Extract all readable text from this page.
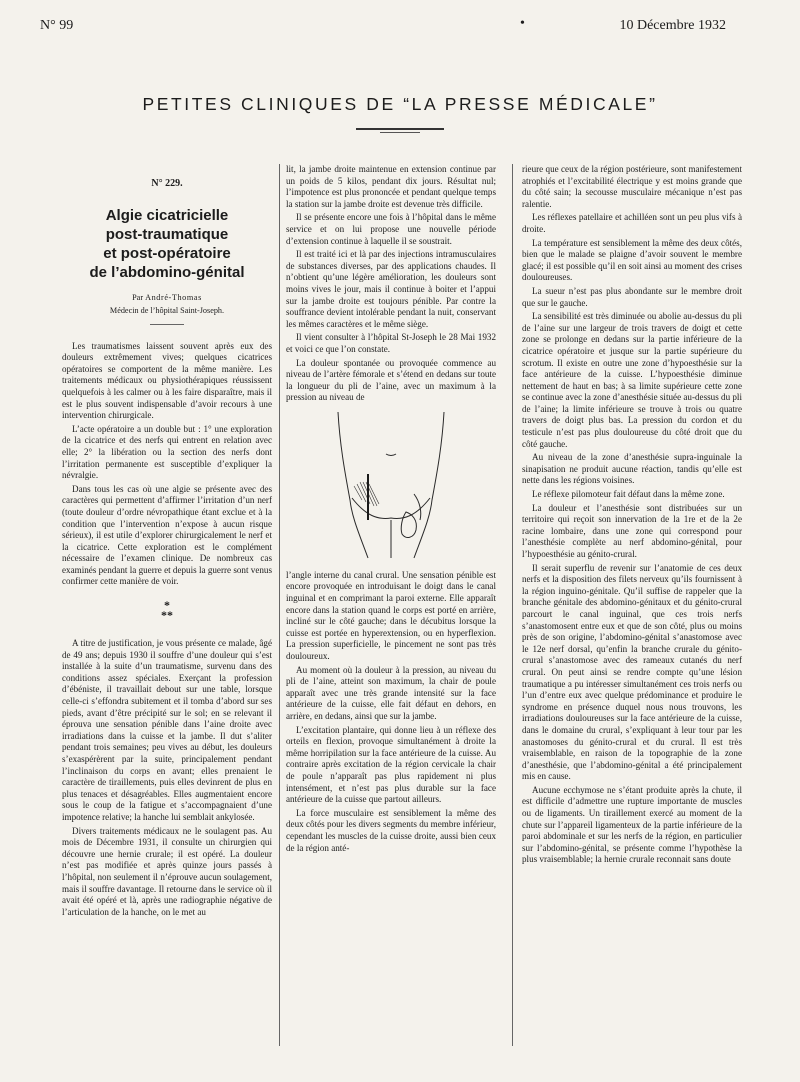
N° 99	•	10 Décembre 1932
PETITES CLINIQUES DE “LA PRESSE MÉDICALE”
N° 229.
Algie cicatricielle
post-traumatique
et post-opératoire
de l’abdomino-génital

Par André-Thomas

Médecin de l’hôpital Saint-Joseph.

Les traumatismes laissent souvent après eux des douleurs extrêmement vives; quelques cicatrices opératoires se comportent de la même manière. Les traitements médicaux ou physiothérapiques réussissent quelquefois à les calmer ou à les faire disparaître, mais il est le plus souvent indispensable d’avoir recours à une intervention chirurgicale.

L’acte opératoire a un double but : 1° une exploration de la cicatrice et des nerfs qui entrent en relation avec elle; 2° la libération ou la section des nerfs dont l’irritation permanente est susceptible d’expliquer la névralgie.

Dans tous les cas où une algie se présente avec des caractères qui permettent d’affirmer l’irritation d’un nerf (toute douleur d’ordre névropathique étant exclue et à la condition que l’intervention n’expose à aucun risque sérieux), il est utile d’explorer chirurgicalement le nerf et la cicatrice. Cette exploration est le complément nécessaire de l’examen clinique. De nombreux cas examinés pendant la guerre et depuis la guerre sont venus confirmer cette manière de voir.

*
**

A titre de justification, je vous présente ce malade, âgé de 49 ans; depuis 1930 il souffre d’une douleur qui s’est installée à la suite d’un traumatisme, survenu dans des conditions assez spéciales. Exerçant la profession d’ébéniste, il travaillait debout sur une table, lorsque celle-ci s’effondra subitement et il tomba d’abord sur ses pieds, avant d’être précipité sur le sol; en se relevant il éprouva une sensation pénible dans l’aine droite avec irradiations dans la cuisse et la jambe. Il dut s’aliter pendant trois semaines; peu vives au début, les douleurs s’exaspérèrent par la suite, principalement pendant l’inclinaison du corps en avant; elles prenaient le caractère de tiraillements, puis elles devinrent de plus en plus tenaces et désagréables. Elles augmentaient encore sous le coup de la fatigue et s’accompagnaient d’une impotence relative; la hanche lui semblait ankylosée.

Divers traitements médicaux ne le soulagent pas. Au mois de Décembre 1931, il consulte un chirurgien qui découvre une hernie crurale; il est opéré. La douleur n’est pas modifiée et après quinze jours passés à l’hôpital, non seulement il n’éprouve aucun soulagement, mais il souffre davantage. Il retourne dans le service où il avait été opéré et là, après une radiographie négative de l’articulation de la hanche, on le met au

lit, la jambe droite maintenue en extension continue par un poids de 5 kilos, pendant dix jours. Résultat nul; l’impotence est plus prononcée et pendant quelque temps la station sur la jambe droite est devenue très difficile.

Il se présente encore une fois à l’hôpital dans le même service et on lui propose une nouvelle période d’extension continue à laquelle il se soustrait.

Il est traité ici et là par des injections intramusculaires de substances diverses, par des applications chaudes. Il n’obtient qu’une légère amélioration, les douleurs sont moins vives le jour, mais il continue à boiter et l’appui sur la jambe droite est toujours pénible. Par contre la souffrance devient intolérable pendant la nuit, conservant les mêmes caractères et le même siège.

Il vient consulter à l’hôpital St-Joseph le 28 Mai 1932 et voici ce que l’on constate.

La douleur spontanée ou provoquée commence au niveau de l’artère fémorale et s’étend en dedans sur toute la longueur du pli de l’aine, avec un maximum à la pression au niveau de

l’angle interne du canal crural. Une sensation pénible est encore provoquée en introduisant le doigt dans le canal inguinal et en comprimant la paroi externe. Elle apparaît encore dans la station quand le corps est porté en arrière, incliné sur le côté gauche; dans le décubitus lorsque la cuisse est portée en hyperextension, ou en hyperflexion. La pression superficielle, le pincement ne sont pas très douloureux.

Au moment où la douleur à la pression, au niveau du pli de l’aine, atteint son maximum, la chair de poule apparaît avec une très grande intensité sur la face antérieure de la cuisse, elle fait défaut en dehors, en arrière, en dedans, ainsi que sur la jambe.

L’excitation plantaire, qui donne lieu à un réflexe des orteils en flexion, provoque simultanément à droite la même horripilation sur la face antérieure de la cuisse. Au contraire après excitation de la région cervicale la chair de poule n’apparaît pas plus rapidement ni plus intensément, et n’est pas plus durable sur la face antérieure de la cuisse que partout ailleurs.

La force musculaire est sensiblement la même des deux côtés pour les divers segments du membre inférieur, cependant les muscles de la cuisse droite, aussi bien ceux de la région anté-

rieure que ceux de la région postérieure, sont manifestement atrophiés et l’excitabilité électrique y est moins grande que du côté sain; la secousse musculaire mécanique n’est pas ralentie.

Les réflexes patellaire et achilléen sont un peu plus vifs à droite.

La température est sensiblement la même des deux côtés, bien que le malade se plaigne d’avoir souvent le membre glacé; il est possible qu’il en soit ainsi au moment des crises douloureuses.

La sueur n’est pas plus abondante sur le membre droit que sur le gauche.

La sensibilité est très diminuée ou abolie au-dessus du pli de l’aine sur une largeur de trois travers de doigt et cette zone se prolonge en dedans sur la partie inférieure de la cicatrice opératoire et jusque sur la partie supérieure du scrotum. Il existe en outre une zone d’hypoesthésie sur la face antérieure de la cuisse. L’hypoesthésie diminue nettement de haut en bas; à sa limite supérieure cette zone se continue avec la zone d’anesthésie située au-dessus du pli de l’aine; la limite inférieure se trouve à trois ou quatre travers de doigt plus bas. La pression du cordon et du testicule n’est pas plus douloureuse du côté droit que du côté gauche.

Au niveau de la zone d’anesthésie supra-inguinale la sinapisation ne produit aucune réaction, tandis qu’elle est nette dans les régions voisines.

Le réflexe pilomoteur fait défaut dans la même zone.

La douleur et l’anesthésie sont distribuées sur un territoire qui reçoit son innervation de la 1re et de la 2e racine lombaire, dans une zone qui correspond pour l’anesthésie complète au nerf abdomino-génital, pour l’hypoesthésie au génito-crural.

Il serait superflu de revenir sur l’anatomie de ces deux nerfs et la disposition des filets nerveux qu’ils fournissent à la région inguino-génitale. Qu’il suffise de rappeler que la branche génitale des abdomino-génitaux et du génito-crural parcourt le canal inguinal, que ces trois nerfs s’anastomosent entre eux et que de son côté, plus ou moins près de son origine, l’abdomino-génital s’anastomose avec le 12e nerf dorsal, qu’enfin la branche crurale du génito-crural s’anastomose avec des rameaux cutanés du nerf crural. On peut ainsi se rendre compte qu’une lésion traumatique a pu intéresser simultanément ces trois nerfs ou l’un d’entre eux avec quelque prédominance et produire le syndrome en présence duquel nous nous trouvons, les irradiations douloureuses sur la face antérieure de la cuisse, dans le domaine du crural, s’expliquant à leur tour par les anastomoses du génito-crural et du crural. Il est très vraisemblable, en raison de la topographie de la zone d’anesthésie, que l’abdomino-génital a été principalement mis en cause.

Aucune ecchymose ne s’étant produite après la chute, il est difficile d’admettre une rupture importante de muscles ou de ligaments. Un tiraillement exercé au moment de la chute sur l’appareil ligamenteux de la partie inférieure de la paroi abdominale et sur les nerfs de la région, en particulier sur l’abdomino-génital, se présente comme l’hypothèse la plus vraisemblable; la hernie crurale reconnait sans doute
